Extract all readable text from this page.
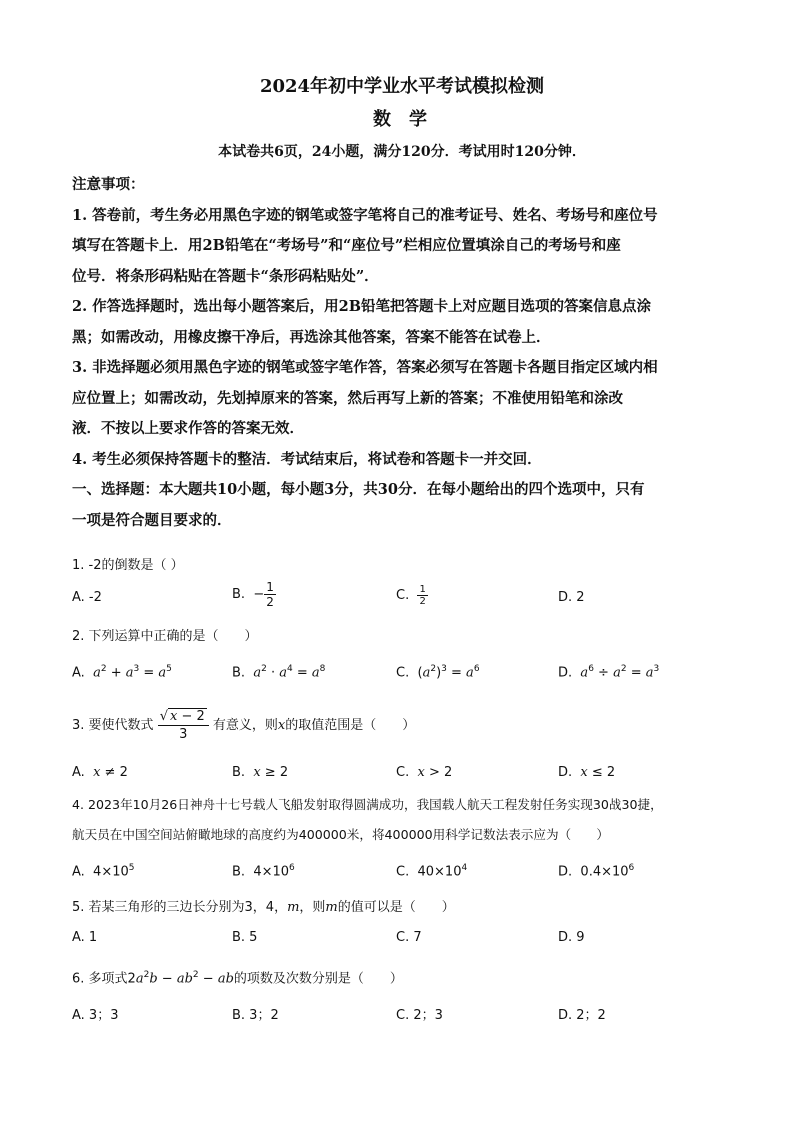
2024年初中学业水平考试模拟检测
数学
本试卷共6页，24小题，满分120分．考试用时120分钟．
注意事项：
1. 答卷前，考生务必用黑色字迹的钢笔或签字笔将自己的准考证号、姓名、考场号和座位号
填写在答题卡上．用2B铅笔在“考场号”和“座位号”栏相应位置填涂自己的考场号和座
位号．将条形码粘贴在答题卡“条形码粘贴处”．
2. 作答选择题时，选出每小题答案后，用2B铅笔把答题卡上对应题目选项的答案信息点涂
黑；如需改动，用橡皮擦干净后，再选涂其他答案，答案不能答在试卷上．
3. 非选择题必须用黑色字迹的钢笔或签字笔作答，答案必须写在答题卡各题目指定区域内相
应位置上；如需改动，先划掉原来的答案，然后再写上新的答案；不准使用铅笔和涂改
液．不按以上要求作答的答案无效．
4. 考生必须保持答题卡的整洁．考试结束后，将试卷和答题卡一并交回．
一、选择题：本大题共10小题，每小题3分，共30分．在每小题给出的四个选项中，只有
一项是符合题目要求的．
1. -2的倒数是（ ）
A. -2	B.  − $\frac{1}{2}$	C. $\frac{1}{2}$	D. 2
2. 下列运算中正确的是（　　）
A. $a^2 + a^3 = a^5$	B. $a^2 \cdot a^4 = a^8$	C.  $(a^2)^3 = a^6$	D. $a^6 \div a^2 = a^3$
3. 要使代数式 $\frac{√ x - 2}{3}$ 有意义，则x的取值范围是（　　）
A. x ≠ 2	B. x ≥ 2	C. x > 2	D. x ≤ 2
4. 2023年10月26日神舟十七号载人飞船发射取得圆满成功，我国载人航天工程发射任务实现30战30捷，
航天员在中国空间站俯瞰地球的高度约为400000米，将400000用科学记数法表示应为（　　）
A.  $4\times 10^5$	B.  $4\times 10^6$	C.  $40\times 10^4$	D.  $0.4\times 10^6$
5. 若某三角形的三边长分别为3，4，m，则m的值可以是（　　）
A. 1	B. 5	C. 7	D. 9
6. 多项式$2a^2b - ab^2$ − ab的项数及次数分别是（　　）
A. 3；3	B. 3；2	C. 2；3	D. 2；2
